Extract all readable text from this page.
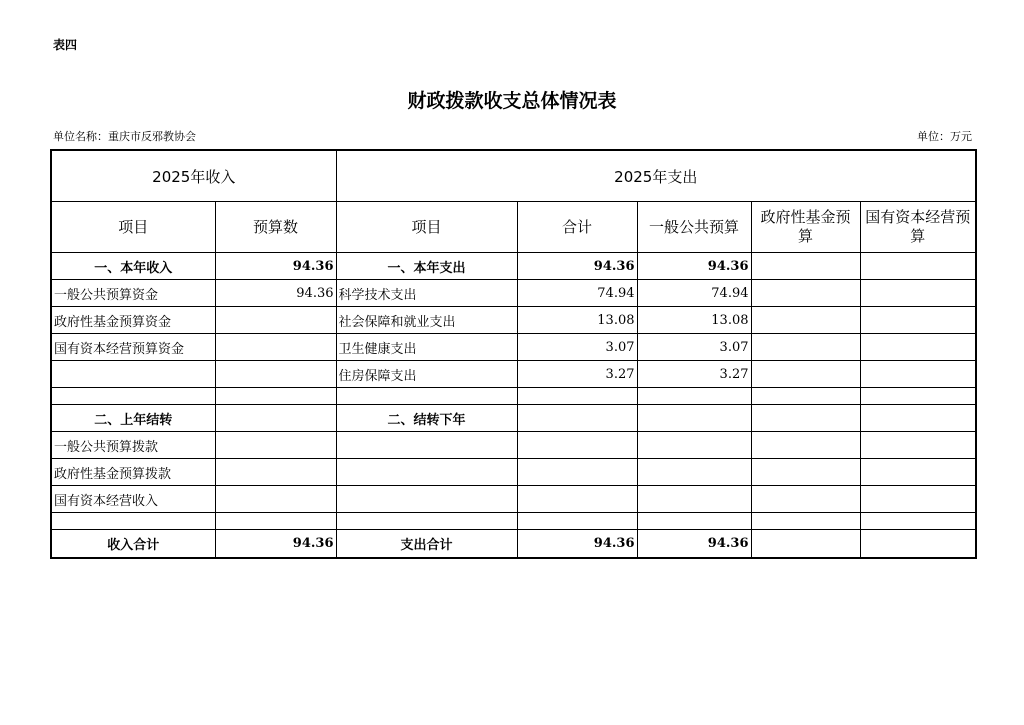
表四
财政拨款收支总体情况表
单位名称：重庆市反邪教协会	单位：万元
2025年收入		2025年支出				
项目	预算数	项目	合计	一般公共预算	政府性基金预算	国有资本经营预算
一、本年收入	94.36	一、本年支出	94.36	94.36		
一般公共预算资金	94.36	科学技术支出	74.94	74.94		
政府性基金预算资金		社会保障和就业支出	13.08	13.08		
国有资本经营预算资金		卫生健康支出	3.07	3.07		
		住房保障支出	3.27	3.27		

二、上年结转		二、结转下年				
一般公共预算拨款						
政府性基金预算拨款						
国有资本经营收入						

收入合计	94.36	支出合计	94.36	94.36		
